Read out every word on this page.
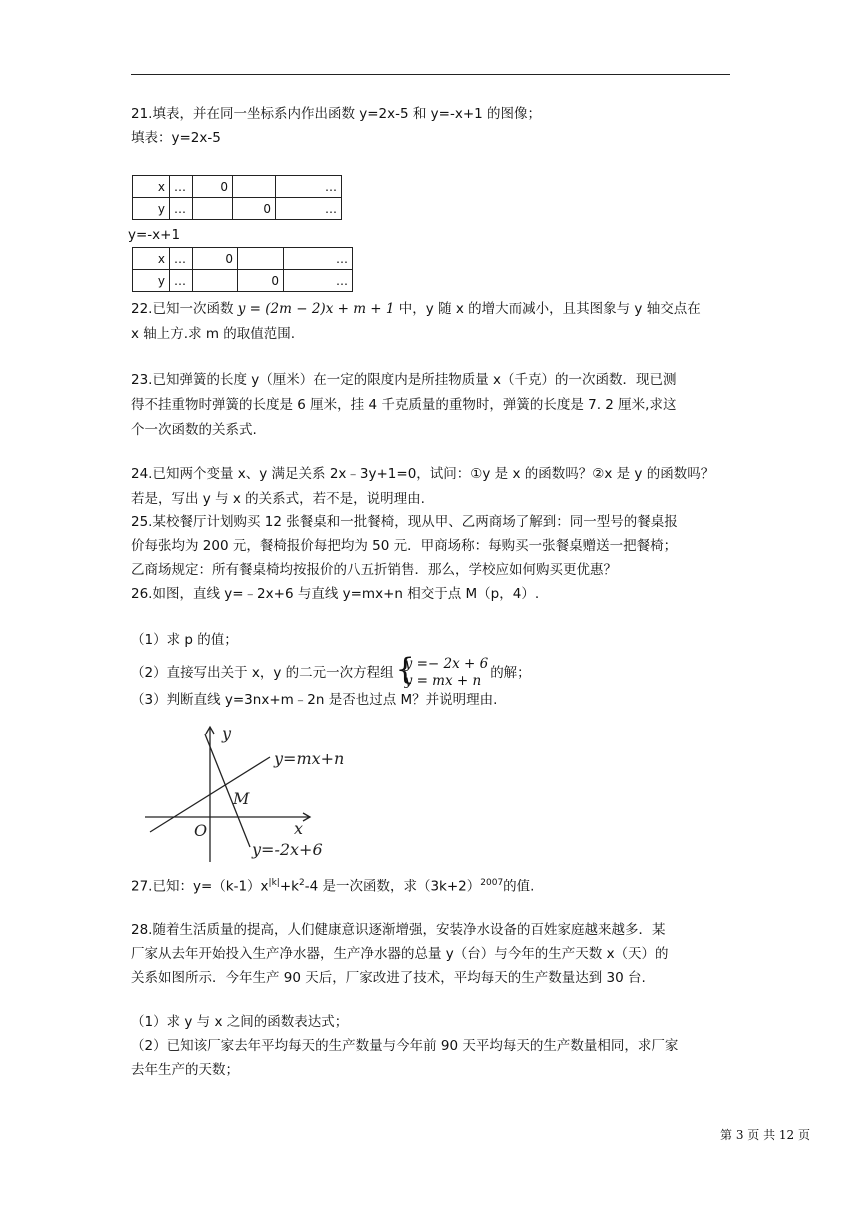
21.填表，并在同一坐标系内作出函数 y=2x-5 和 y=-x+1 的图像；
填表：y=2x-5
x	…	0		…
y	…		0	…
y=-x+1
x	…	0		…
y	…		0	…
22.已知一次函数 y = (2m − 2)x + m + 1 中，y 随 x 的增大而减小，且其图象与 y 轴交点在
x 轴上方.求 m 的取值范围.
23.已知弹簧的长度 y（厘米）在一定的限度内是所挂物质量 x（千克）的一次函数．现已测
得不挂重物时弹簧的长度是 6 厘米，挂 4 千克质量的重物时，弹簧的长度是 7. 2 厘米,求这
个一次函数的关系式.
24.已知两个变量 x、y 满足关系 2x﹣3y+1=0，试问：①y 是 x 的函数吗？②x 是 y 的函数吗？
若是，写出 y 与 x 的关系式，若不是，说明理由.
25.某校餐厅计划购买 12 张餐桌和一批餐椅，现从甲、乙两商场了解到：同一型号的餐桌报
价每张均为 200 元，餐椅报价每把均为 50 元．甲商场称：每购买一张餐桌赠送一把餐椅；
乙商场规定：所有餐桌椅均按报价的八五折销售．那么，学校应如何购买更优惠？
26.如图，直线 y=﹣2x+6 与直线 y=mx+n 相交于点 M（p，4）.
（1）求 p 的值；
（2）直接写出关于 x，y 的二元一次方程组 {
y =− 2x + 6
y = mx + n 的解；
（3）判断直线 y=3nx+m﹣2n 是否也过点 M？并说明理由.
y
x
O
M
y=mx+n
y=-2x+6
27.已知：$y=(k-1)x^{|k|}+k^2-4$ 是一次函数，求$(3k+2)^{2007}$的值.
28.随着生活质量的提高，人们健康意识逐渐增强，安装净水设备的百姓家庭越来越多．某
厂家从去年开始投入生产净水器，生产净水器的总量 y（台）与今年的生产天数 x（天）的
关系如图所示．今年生产 90 天后，厂家改进了技术，平均每天的生产数量达到 30 台.
（1）求 y 与 x 之间的函数表达式；
（2）已知该厂家去年平均每天的生产数量与今年前 90 天平均每天的生产数量相同，求厂家
去年生产的天数；
第 3 页 共 12 页
